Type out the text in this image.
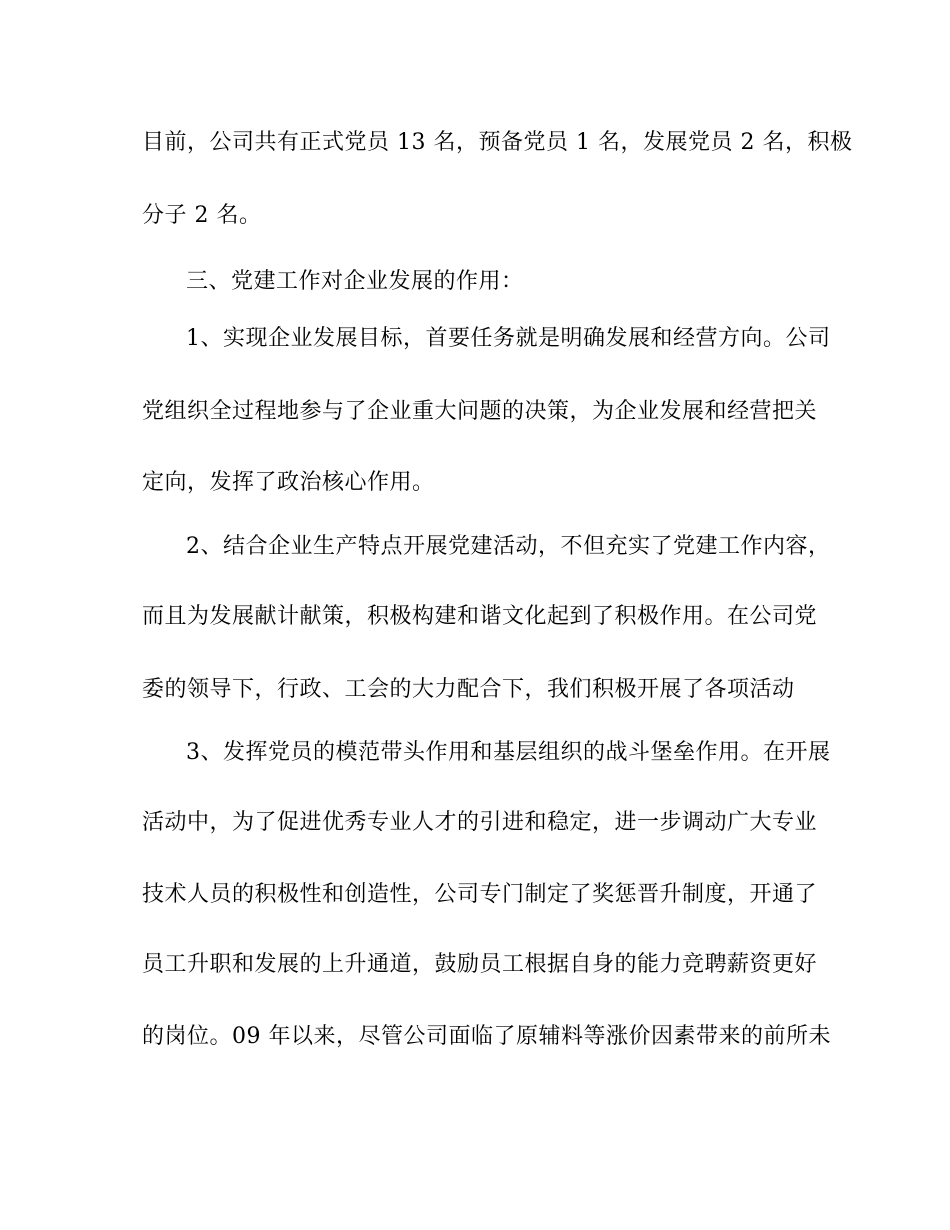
目前，公司共有正式党员 13 名，预备党员 1 名，发展党员 2 名，积极
分子 2 名。
三、党建工作对企业发展的作用：
1、实现企业发展目标，首要任务就是明确发展和经营方向。公司
党组织全过程地参与了企业重大问题的决策，为企业发展和经营把关
定向，发挥了政治核心作用。
2、结合企业生产特点开展党建活动，不但充实了党建工作内容，
而且为发展献计献策，积极构建和谐文化起到了积极作用。在公司党
委的领导下，行政、工会的大力配合下，我们积极开展了各项活动
3、发挥党员的模范带头作用和基层组织的战斗堡垒作用。在开展
活动中，为了促进优秀专业人才的引进和稳定，进一步调动广大专业
技术人员的积极性和创造性，公司专门制定了奖惩晋升制度，开通了
员工升职和发展的上升通道，鼓励员工根据自身的能力竞聘薪资更好
的岗位。09 年以来，尽管公司面临了原辅料等涨价因素带来的前所未
